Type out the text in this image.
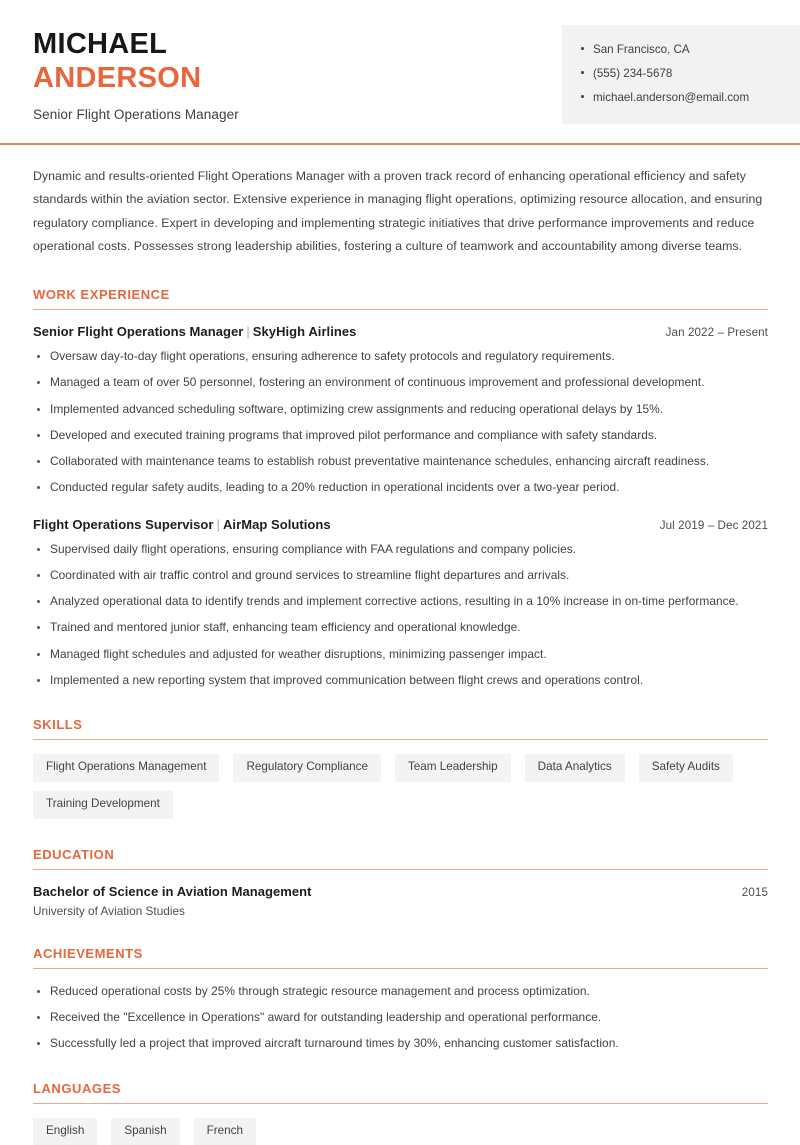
MICHAEL
ANDERSON
Senior Flight Operations Manager
San Francisco, CA
(555) 234-5678
michael.anderson@email.com

Dynamic and results-oriented Flight Operations Manager with a proven track record of enhancing operational efficiency and safety standards within the aviation sector. Extensive experience in managing flight operations, optimizing resource allocation, and ensuring regulatory compliance. Expert in developing and implementing strategic initiatives that drive performance improvements and reduce operational costs. Possesses strong leadership abilities, fostering a culture of teamwork and accountability among diverse teams.

WORK EXPERIENCE
Senior Flight Operations Manager | SkyHigh Airlines	Jan 2022 – Present
Oversaw day-to-day flight operations, ensuring adherence to safety protocols and regulatory requirements.
Managed a team of over 50 personnel, fostering an environment of continuous improvement and professional development.
Implemented advanced scheduling software, optimizing crew assignments and reducing operational delays by 15%.
Developed and executed training programs that improved pilot performance and compliance with safety standards.
Collaborated with maintenance teams to establish robust preventative maintenance schedules, enhancing aircraft readiness.
Conducted regular safety audits, leading to a 20% reduction in operational incidents over a two-year period.
Flight Operations Supervisor | AirMap Solutions	Jul 2019 – Dec 2021
Supervised daily flight operations, ensuring compliance with FAA regulations and company policies.
Coordinated with air traffic control and ground services to streamline flight departures and arrivals.
Analyzed operational data to identify trends and implement corrective actions, resulting in a 10% increase in on-time performance.
Trained and mentored junior staff, enhancing team efficiency and operational knowledge.
Managed flight schedules and adjusted for weather disruptions, minimizing passenger impact.
Implemented a new reporting system that improved communication between flight crews and operations control.
SKILLS
Flight Operations Management	Regulatory Compliance	Team Leadership	Data Analytics	Safety Audits
Training Development
EDUCATION
Bachelor of Science in Aviation Management	2015
University of Aviation Studies
ACHIEVEMENTS
Reduced operational costs by 25% through strategic resource management and process optimization.
Received the "Excellence in Operations" award for outstanding leadership and operational performance.
Successfully led a project that improved aircraft turnaround times by 30%, enhancing customer satisfaction.
LANGUAGES
English	Spanish	French
